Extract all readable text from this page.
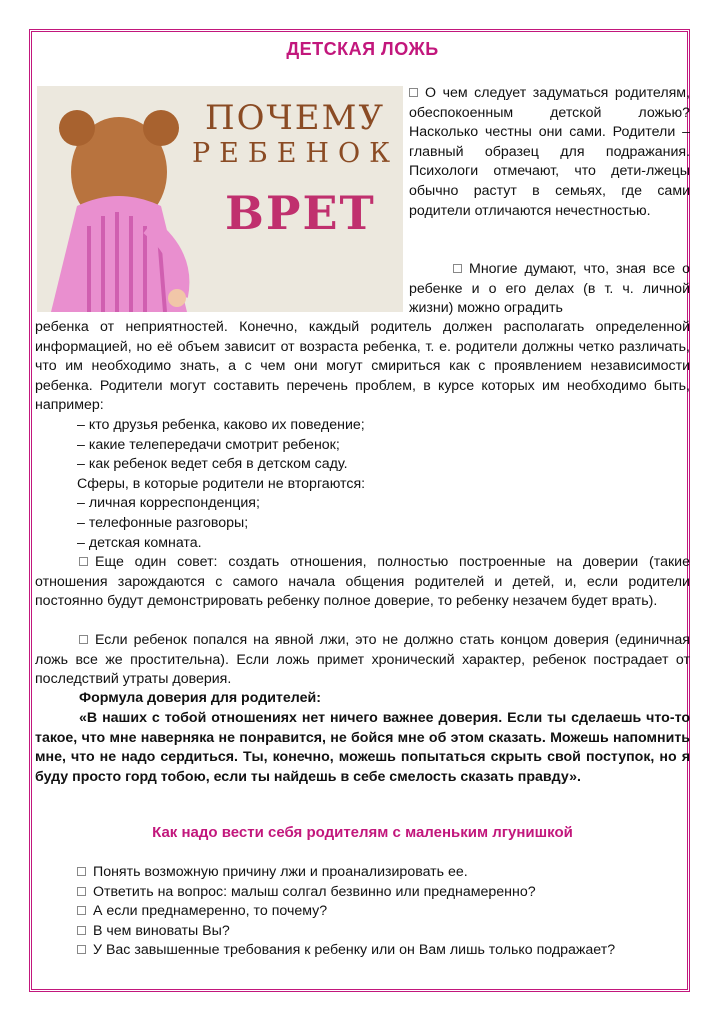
ДЕТСКАЯ ЛОЖЬ
ПОЧЕМУ
РЕБЕНОК
ВРЕТ
О чем следует задуматься родителям, обеспокоенным детской ложью? Насколько честны они сами. Родители – главный образец для подражания. Психологи отмечают, что дети-лжецы обычно растут в семьях, где сами родители отличаются нечестностью.
Многие думают, что, зная все о ребенке и о его делах (в т. ч. личной жизни) можно оградить
ребенка от неприятностей. Конечно, каждый родитель должен располагать определенной информацией, но её объем зависит от возраста ребенка, т. е. родители должны четко различать, что им необходимо знать, а с чем они могут смириться как с проявлением независимости ребенка. Родители могут составить перечень проблем, в курсе которых им необходимо быть, например:
– кто друзья ребенка, каково их поведение;
– какие телепередачи смотрит ребенок;
– как ребенок ведет себя в детском саду.
Сферы, в которые родители не вторгаются:
– личная корреспонденция;
– телефонные разговоры;
– детская комната.
Еще один совет: создать отношения, полностью построенные на доверии (такие отношения зарождаются с самого начала общения родителей и детей, и, если родители постоянно будут демонстрировать ребенку полное доверие, то ребенку незачем будет врать).
Если ребенок попался на явной лжи, это не должно стать концом доверия (единичная ложь все же простительна). Если ложь примет хронический характер, ребенок пострадает от последствий утраты доверия.
Формула доверия для родителей:
«В наших с тобой отношениях нет ничего важнее доверия. Если ты сделаешь что-то такое, что мне наверняка не понравится, не бойся мне об этом сказать. Можешь напомнить мне, что не надо сердиться. Ты, конечно, можешь попытаться скрыть свой поступок, но я буду просто горд тобою, если ты найдешь в себе смелость сказать правду».
Как надо вести себя родителям с маленьким лгунишкой
Понять возможную причину лжи и проанализировать ее.
Ответить на вопрос: малыш солгал безвинно или преднамеренно?
А если преднамеренно, то почему?
В чем виноваты Вы?
У Вас завышенные требования к ребенку или он Вам лишь только подражает?
